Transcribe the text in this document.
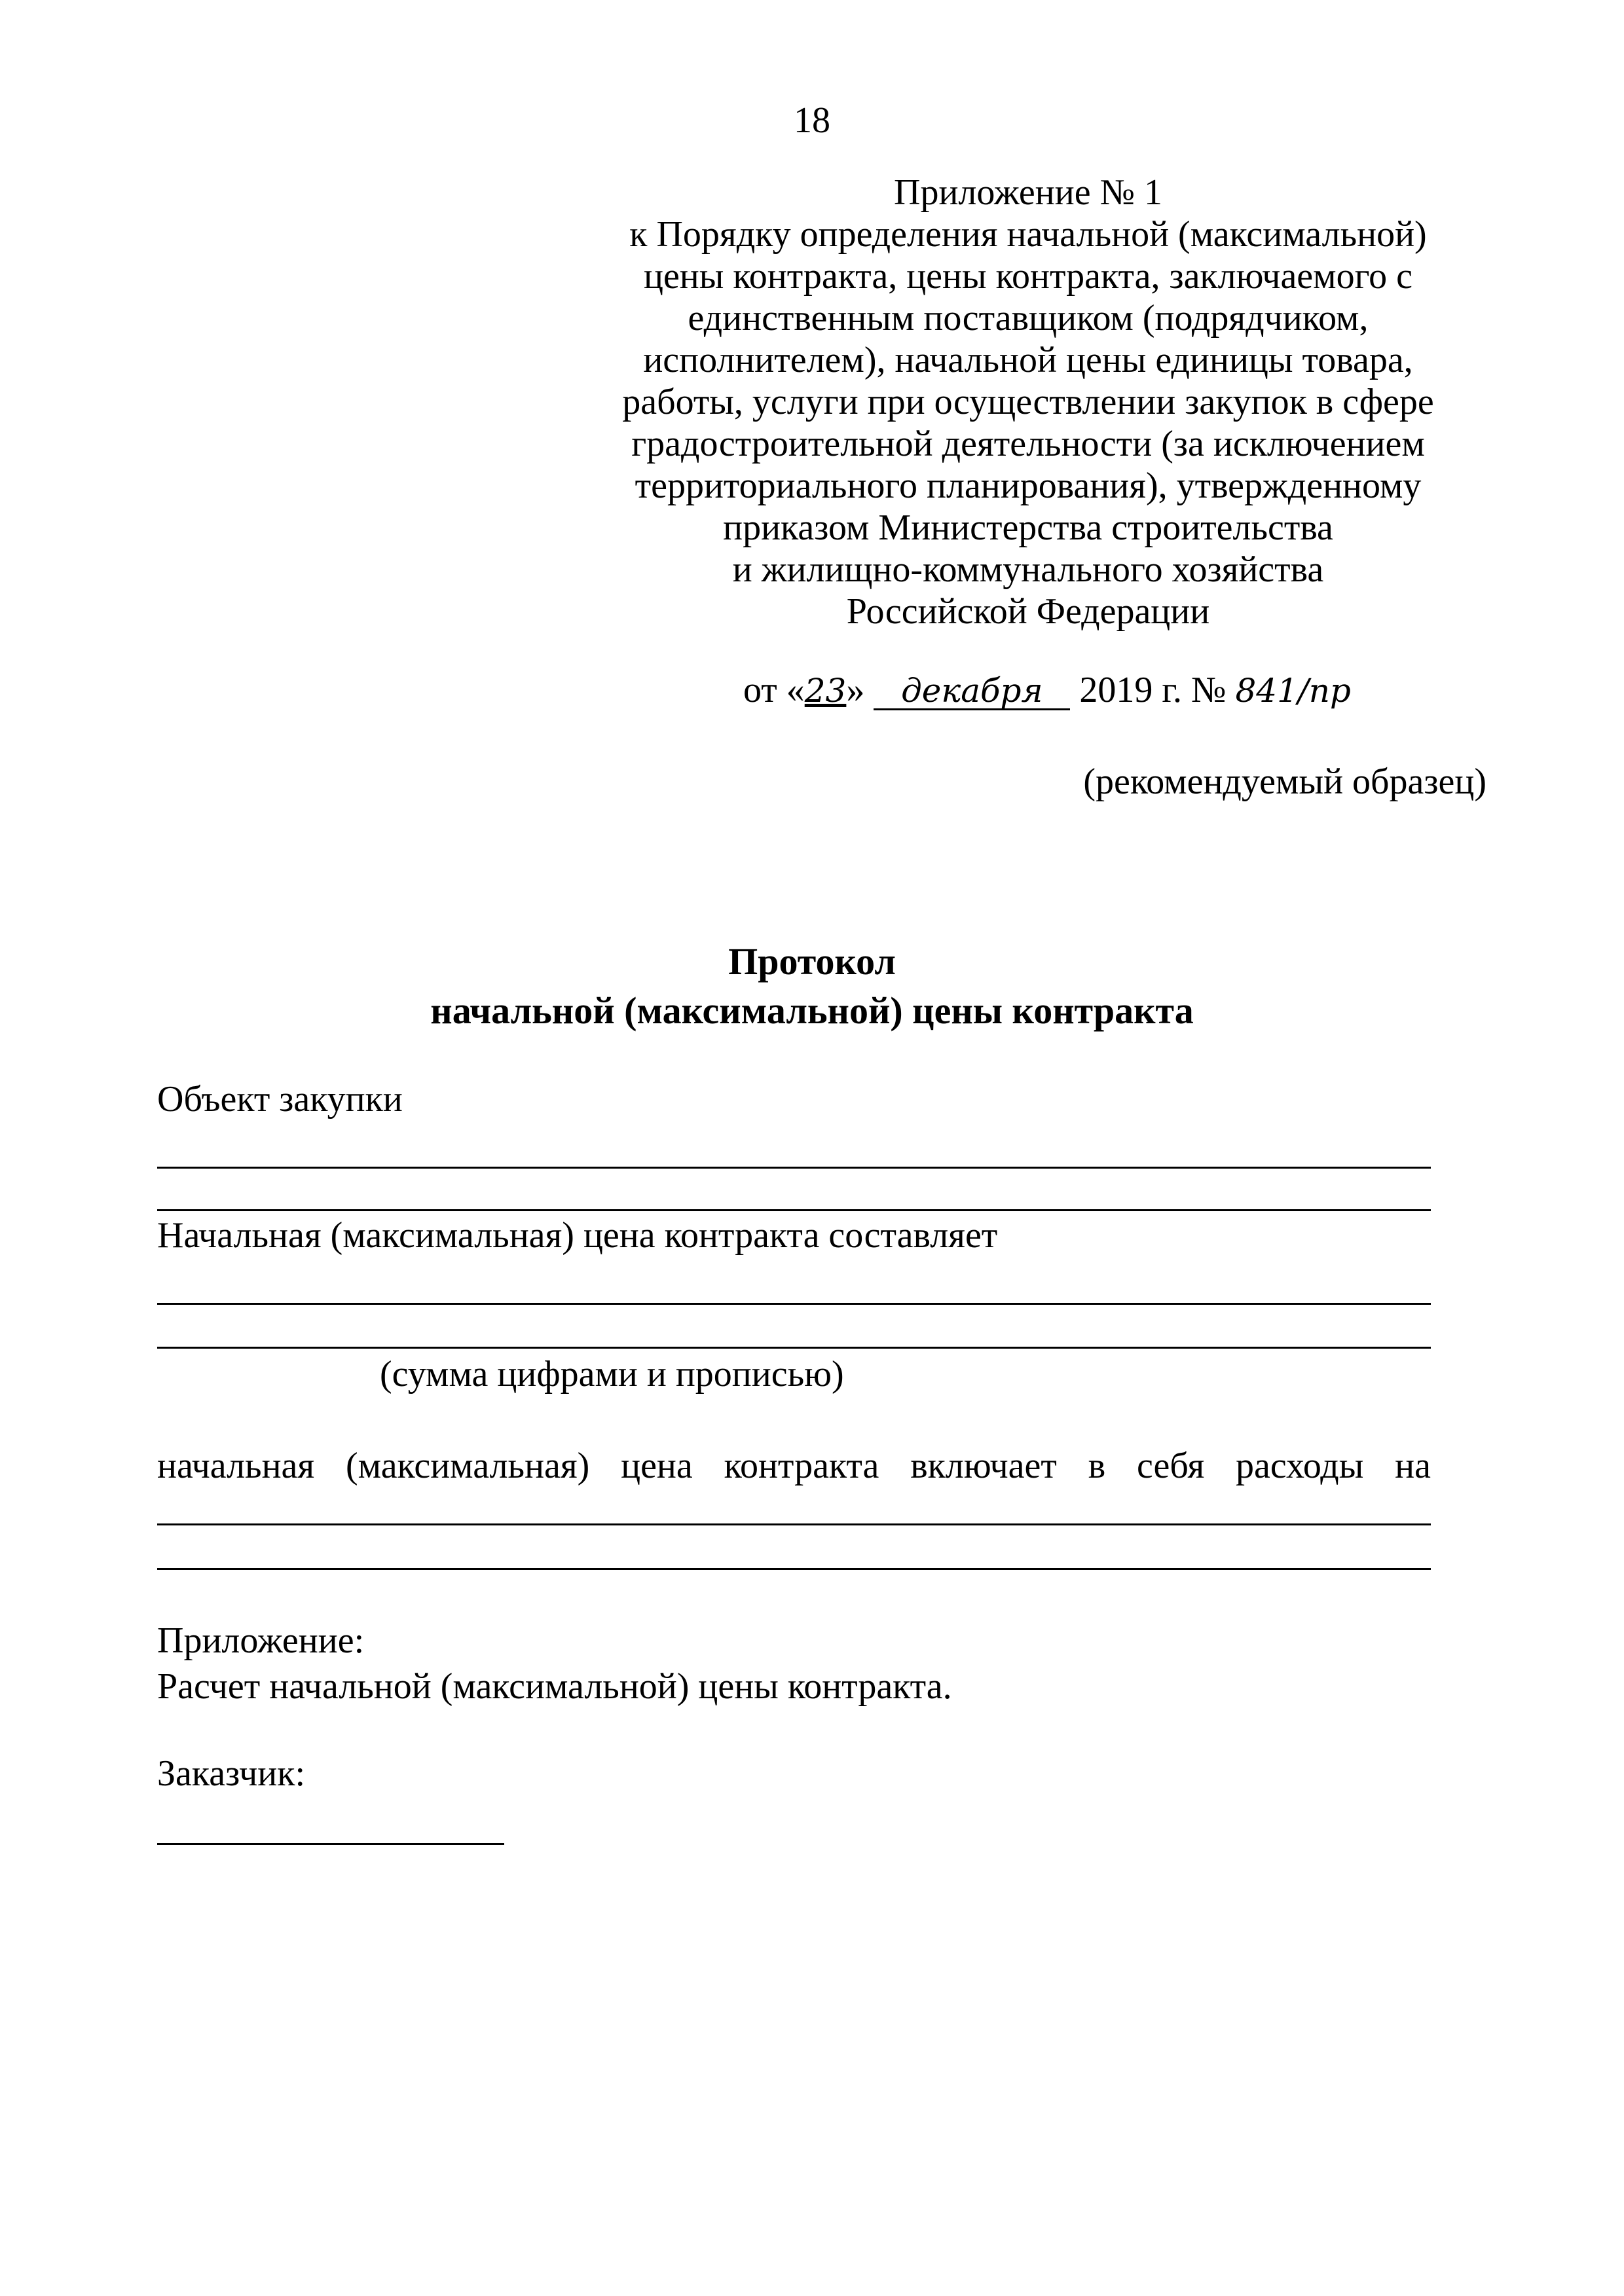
18
Приложение № 1
к Порядку определения начальной (максимальной)
цены контракта, цены контракта, заключаемого с
единственным поставщиком (подрядчиком,
исполнителем), начальной цены единицы товара,
работы, услуги при осуществлении закупок в сфере
градостроительной деятельности (за исключением
территориального планирования), утвержденному
приказом Министерства строительства
и жилищно-коммунального хозяйства
Российской Федерации
от «23» декабря 2019 г. № 841/пр
(рекомендуемый образец)
Протокол
начальной (максимальной) цены контракта
Объект закупки
Начальная (максимальная) цена контракта составляет
(сумма цифрами и прописью)
начальная (максимальная) цена контракта включает в себя расходы на
Приложение:
Расчет начальной (максимальной) цены контракта.
Заказчик:
